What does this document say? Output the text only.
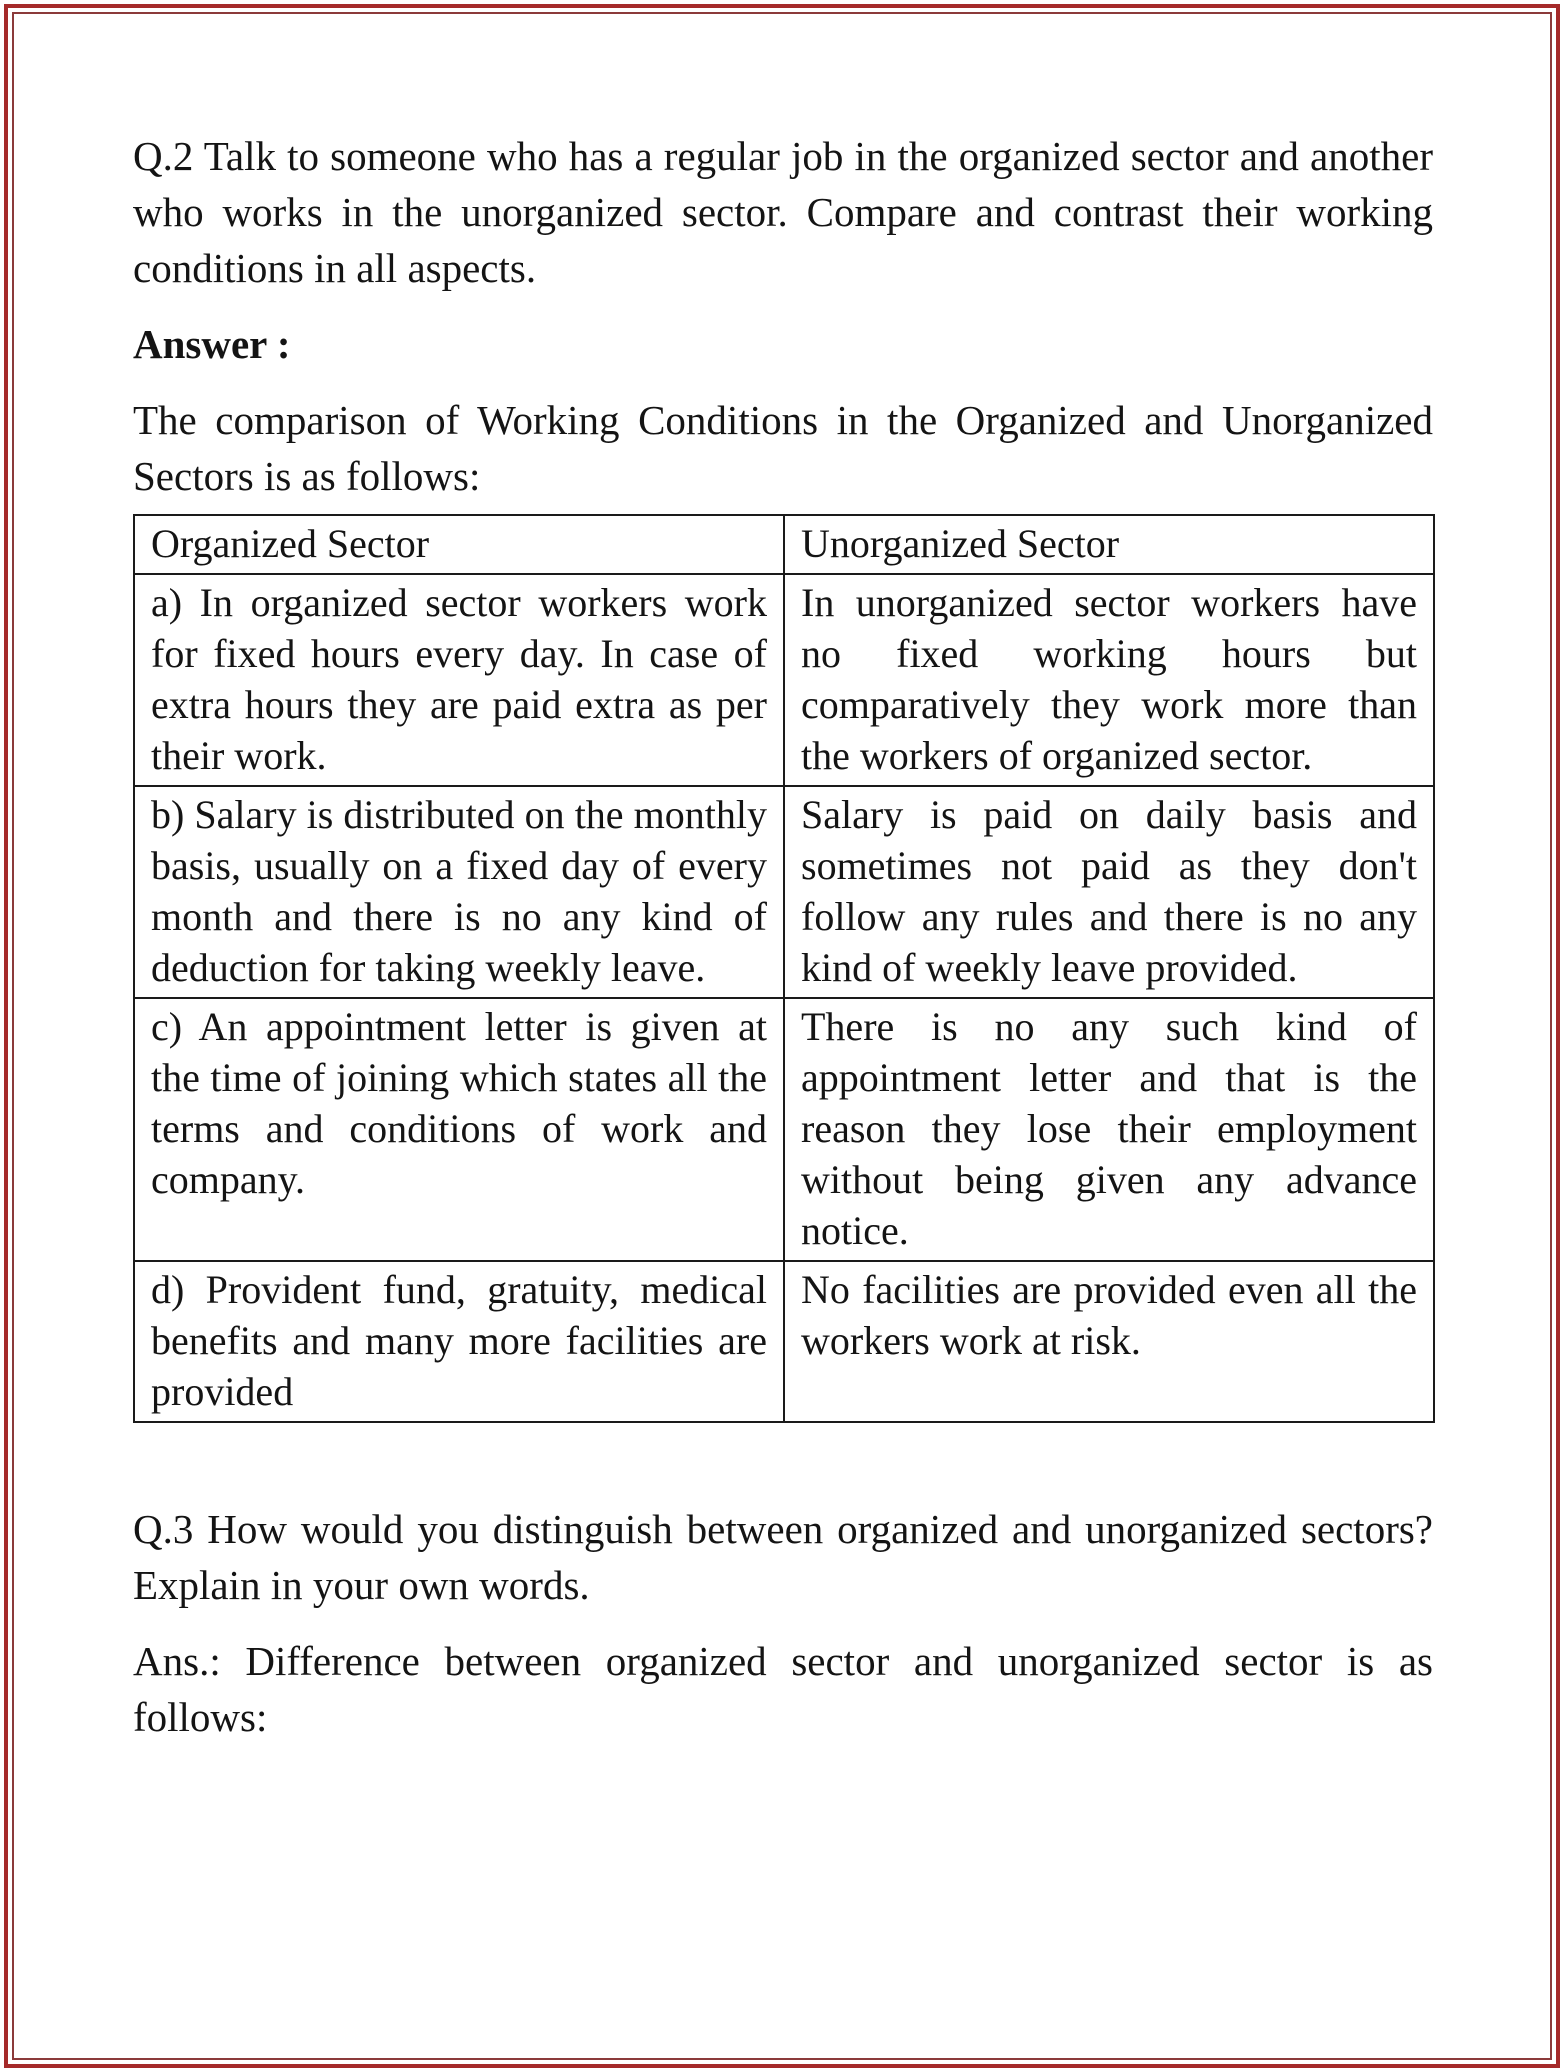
Q.2 Talk to someone who has a regular job in the organized sector and another who works in the unorganized sector. Compare and contrast their working conditions in all aspects.

Answer :

The comparison of Working Conditions in the Organized and Unorganized Sectors is as follows:

Organized Sector	Unorganized Sector
a) In organized sector workers work for fixed hours every day. In case of extra hours they are paid extra as per their work.	In unorganized sector workers have no fixed working hours but comparatively they work more than the workers of organized sector.
b) Salary is distributed on the monthly basis, usually on a fixed day of every month and there is no any kind of deduction for taking weekly leave.	Salary is paid on daily basis and sometimes not paid as they don't follow any rules and there is no any kind of weekly leave provided.
c) An appointment letter is given at the time of joining which states all the terms and conditions of work and company.	There is no any such kind of appointment letter and that is the reason they lose their employment without being given any advance notice.
d) Provident fund, gratuity, medical benefits and many more facilities are provided	No facilities are provided even all the workers work at risk.

Q.3 How would you distinguish between organized and unorganized sectors? Explain in your own words.

Ans.: Difference between organized sector and unorganized sector is as follows:
